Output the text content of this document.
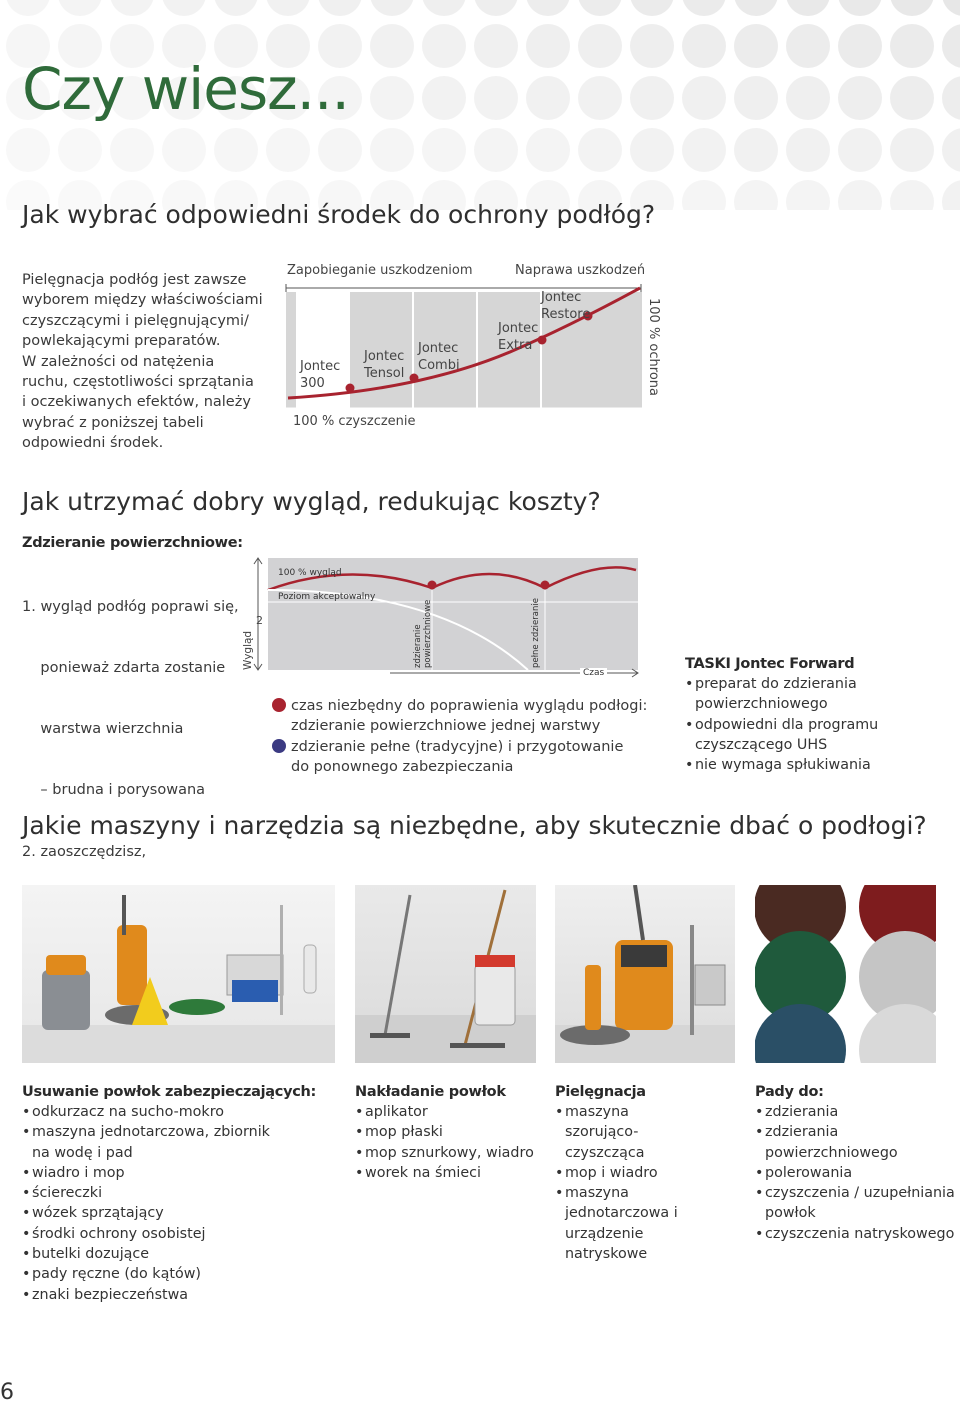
Czy wiesz...
Jak wybrać odpowiedni środek do ochrony podłóg?
Pielęgnacja podłóg jest zawsze
wyborem między właściwościami
czyszczącymi i pielęgnującymi/
powlekającymi preparatów.
W zależności od natężenia
ruchu, częstotliwości sprzątania
i oczekiwanych efektów, należy
wybrać z poniższej tabeli
odpowiedni środek.
Zapobieganie uszkodzeniom	Naprawa uszkodzeń
100 % czyszczenie
Jontec
300
Jontec
Tensol
Jontec
Combi
Jontec
Extra
Jontec
Restore	100 % ochrona
Jak utrzymać dobry wygląd, redukując koszty?
Zdzieranie powierzchniowe:

1. wygląd podłóg poprawi się,

ponieważ zdarta zostanie

warstwa wierzchnia

– brudna i porysowana

2. zaoszczędzisz,

Wygląd
2
100 % wygląd
Poziom akceptowalny
zdzieranie powierzchniowe	pełne zdzieranie
Czas
czas niezbędny do poprawienia wyglądu podłogi:
zdzieranie powierzchniowe jednej warstwy
zdzieranie pełne (tradycyjne) i przygotowanie
do ponownego zabezpieczania
TASKI Jontec Forward
• preparat do zdzierania powierzchniowego
• odpowiedni dla programu czyszczącego UHS
• nie wymaga spłukiwania
Jakie maszyny i narzędzia są niezbędne, aby skutecznie dbać o podłogi?
Usuwanie powłok zabezpieczających:
• odkurzacz na sucho-mokro
• maszyna jednotarczowa, zbiornik na wodę i pad
• wiadro i mop
• ściereczki
• wózek sprzątający
• środki ochrony osobistej
• butelki dozujące
• pady ręczne (do kątów)
• znaki bezpieczeństwa
Nakładanie powłok
• aplikator
• mop płaski
• mop sznurkowy, wiadro
• worek na śmieci
Pielęgnacja
• maszyna szorująco-czyszcząca
• mop i wiadro
• maszyna jednotarczowa i urządzenie natryskowe
Pady do:
• zdzierania
• zdzierania powierzchniowego
• polerowania
• czyszczenia / uzupełniania powłok
• czyszczenia natryskowego
6
